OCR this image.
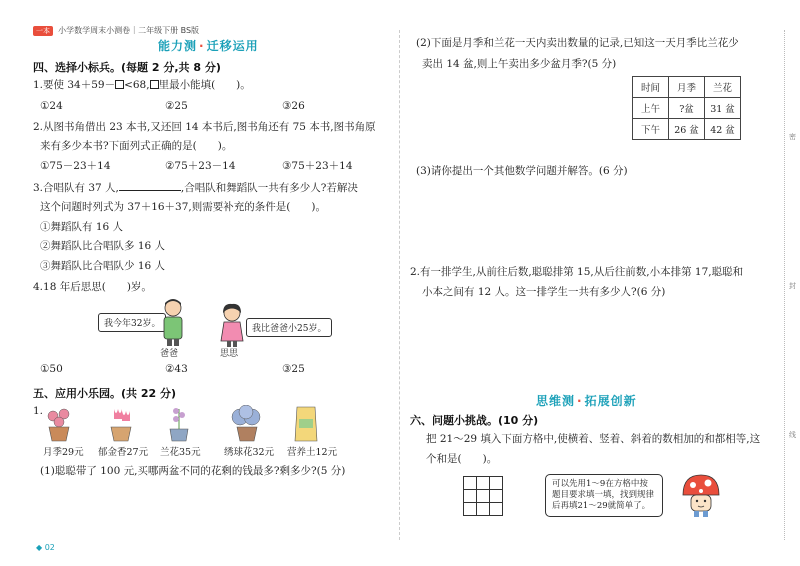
一本 小学数学周末小测卷｜二年级下册 BS版
能力测 · 迁移运用
四、选择小标兵。(每题 2 分,共 8 分)
1.要使 34＋59－ <68, 里最小能填(　　)。
①24	②25	③26
2.从图书角借出 23 本书,又还回 14 本书后,图书角还有 75 本书,图书角原
来有多少本书?下面列式正确的是(　　)。
①75－23＋14	②75＋23－14	③75＋23＋14
3.合唱队有 37 人,	,合唱队和舞蹈队一共有多少人?若解决
这个问题时列式为 37＋16＋37,则需要补充的条件是(　　)。
①舞蹈队有 16 人
②舞蹈队比合唱队多 16 人
③舞蹈队比合唱队少 16 人
4.18 年后思思(　　)岁。
我今年32岁。
爸爸
我比爸爸小25岁。
思思
①50	②43	③25
五、应用小乐园。(共 22 分)
1.
月季29元 郁金香27元 兰花35元 绣球花32元 营养土12元
(1)聪聪带了 100 元,买哪两盆不同的花剩的钱最多?剩多少?(5 分)
◆ 02
(2)下面是月季和兰花一天内卖出数量的记录,已知这一天月季比兰花少
卖出 14 盆,则上午卖出多少盆月季?(5 分)
时间	月季	兰花
上午	?盆	31 盆
下午	26 盆	42 盆
(3)请你提出一个其他数学问题并解答。(6 分)
2.有一排学生,从前往后数,聪聪排第 15,从后往前数,小本排第 17,聪聪和
小本之间有 12 人。这一排学生一共有多少人?(6 分)
思维测 · 拓展创新
六、问题小挑战。(10 分)
把 21～29 填入下面方格中,使横着、竖着、斜着的数相加的和都相等,这
个和是(　　)。

可以先用1～9在方格中按题目要求填一填，找到规律后再填21～29就简单了。
密
封
线
